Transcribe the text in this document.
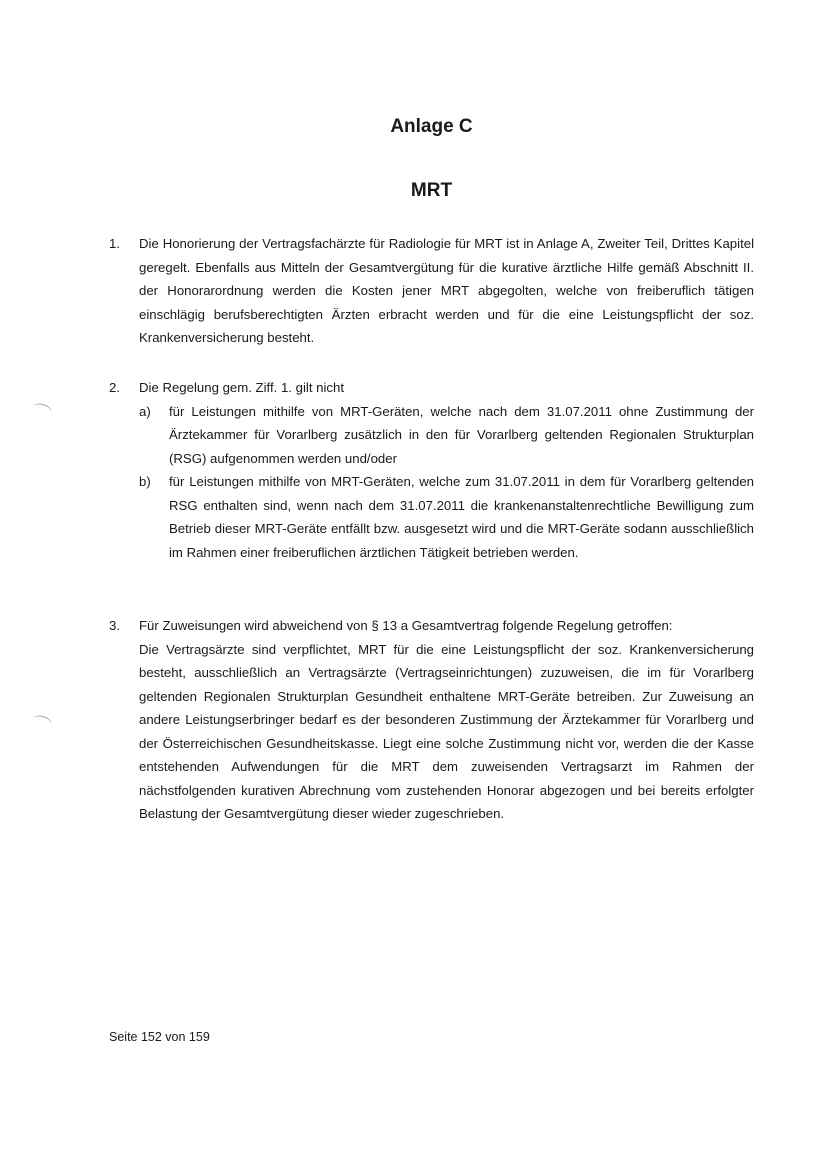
Anlage C
MRT
1. Die Honorierung der Vertragsfachärzte für Radiologie für MRT ist in Anlage A, Zweiter Teil, Drittes Kapitel geregelt. Ebenfalls aus Mitteln der Gesamtvergütung für die kurative ärztliche Hilfe gemäß Abschnitt II. der Honorarordnung werden die Kosten jener MRT abgegolten, welche von freiberuflich tätigen einschlägig berufsberechtigten Ärzten erbracht werden und für die eine Leistungspflicht der soz. Krankenversicherung besteht.

2. Die Regelung gem. Ziff. 1. gilt nicht

a) für Leistungen mithilfe von MRT-Geräten, welche nach dem 31.07.2011 ohne Zustimmung der Ärztekammer für Vorarlberg zusätzlich in den für Vorarlberg geltenden Regionalen Strukturplan (RSG) aufgenommen werden und/oder
b) für Leistungen mithilfe von MRT-Geräten, welche zum 31.07.2011 in dem für Vorarlberg geltenden RSG enthalten sind, wenn nach dem 31.07.2011 die krankenanstaltenrechtliche Bewilligung zum Betrieb dieser MRT-Geräte entfällt bzw. ausgesetzt wird und die MRT-Geräte sodann ausschließlich im Rahmen einer freiberuflichen ärztlichen Tätigkeit betrieben werden.
3. Für Zuweisungen wird abweichend von § 13 a Gesamtvertrag folgende Regelung getroffen:

Die Vertragsärzte sind verpflichtet, MRT für die eine Leistungspflicht der soz. Krankenversicherung besteht, ausschließlich an Vertragsärzte (Vertragseinrichtungen) zuzuweisen, die im für Vorarlberg geltenden Regionalen Strukturplan Gesundheit enthaltene MRT-Geräte betreiben. Zur Zuweisung an andere Leistungserbringer bedarf es der besonderen Zustimmung der Ärztekammer für Vorarlberg und der Österreichischen Gesundheitskasse. Liegt eine solche Zustimmung nicht vor, werden die der Kasse entstehenden Aufwendungen für die MRT dem zuweisenden Vertragsarzt im Rahmen der nächstfolgenden kurativen Abrechnung vom zustehenden Honorar abgezogen und bei bereits erfolgter Belastung der Gesamtvergütung dieser wieder zugeschrieben.

Seite 152 von 159
